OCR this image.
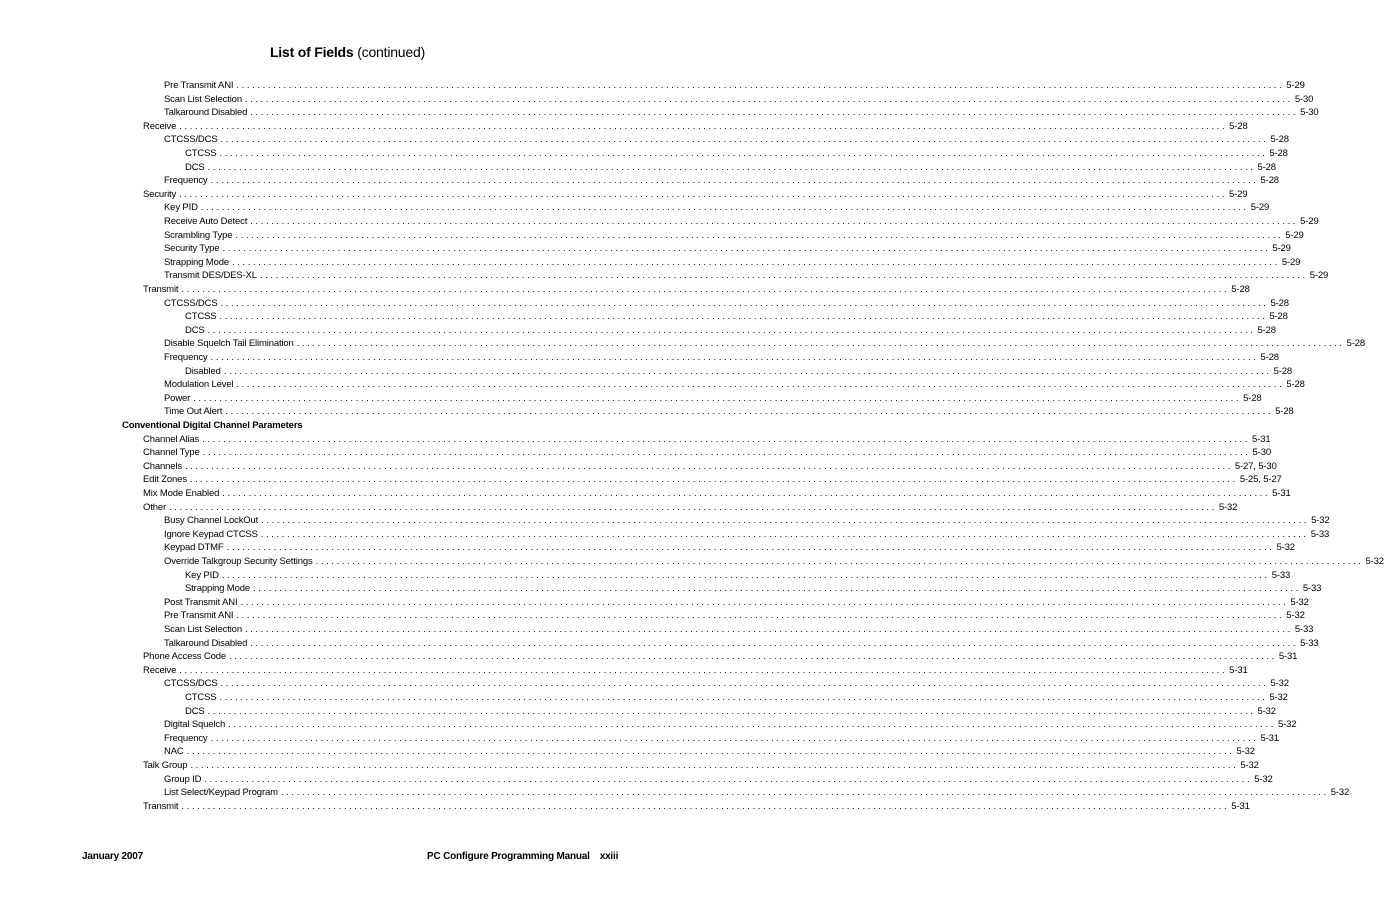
List of Fields (continued)
Pre Transmit ANI ........................................................................................................................................................................................................ 5-29
Scan List Selection ........................................................................................................................................................................................................ 5-30
Talkaround Disabled ........................................................................................................................................................................................................ 5-30
Receive ........................................................................................................................................................................................................ 5-28
CTCSS/DCS ........................................................................................................................................................................................................ 5-28
CTCSS ........................................................................................................................................................................................................ 5-28
DCS ........................................................................................................................................................................................................ 5-28
Frequency ........................................................................................................................................................................................................ 5-28
Security ........................................................................................................................................................................................................ 5-29
Key PID ........................................................................................................................................................................................................ 5-29
Receive Auto Detect ........................................................................................................................................................................................................ 5-29
Scrambling Type ........................................................................................................................................................................................................ 5-29
Security Type ........................................................................................................................................................................................................ 5-29
Strapping Mode ........................................................................................................................................................................................................ 5-29
Transmit DES/DES-XL ........................................................................................................................................................................................................ 5-29
Transmit ........................................................................................................................................................................................................ 5-28
CTCSS/DCS ........................................................................................................................................................................................................ 5-28
CTCSS ........................................................................................................................................................................................................ 5-28
DCS ........................................................................................................................................................................................................ 5-28
Disable Squelch Tail Elimination ........................................................................................................................................................................................................ 5-28
Frequency ........................................................................................................................................................................................................ 5-28
Disabled ........................................................................................................................................................................................................ 5-28
Modulation Level ........................................................................................................................................................................................................ 5-28
Power ........................................................................................................................................................................................................ 5-28
Time Out Alert ........................................................................................................................................................................................................ 5-28
Conventional Digital Channel Parameters
Channel Alias ........................................................................................................................................................................................................ 5-31
Channel Type ........................................................................................................................................................................................................ 5-30
Channels ........................................................................................................................................................................................................ 5-27, 5-30
Edit Zones ........................................................................................................................................................................................................ 5-25, 5-27
Mix Mode Enabled ........................................................................................................................................................................................................ 5-31
Other ........................................................................................................................................................................................................ 5-32
Busy Channel LockOut ........................................................................................................................................................................................................ 5-32
Ignore Keypad CTCSS ........................................................................................................................................................................................................ 5-33
Keypad DTMF ........................................................................................................................................................................................................ 5-32
Override Talkgroup Security Settings ........................................................................................................................................................................................................ 5-32
Key PID ........................................................................................................................................................................................................ 5-33
Strapping Mode ........................................................................................................................................................................................................ 5-33
Post Transmit ANI ........................................................................................................................................................................................................ 5-32
Pre Transmit ANI ........................................................................................................................................................................................................ 5-32
Scan List Selection ........................................................................................................................................................................................................ 5-33
Talkaround Disabled ........................................................................................................................................................................................................ 5-33
Phone Access Code ........................................................................................................................................................................................................ 5-31
Receive ........................................................................................................................................................................................................ 5-31
CTCSS/DCS ........................................................................................................................................................................................................ 5-32
CTCSS ........................................................................................................................................................................................................ 5-32
DCS ........................................................................................................................................................................................................ 5-32
Digital Squelch ........................................................................................................................................................................................................ 5-32
Frequency ........................................................................................................................................................................................................ 5-31
NAC ........................................................................................................................................................................................................ 5-32
Talk Group ........................................................................................................................................................................................................ 5-32
Group ID ........................................................................................................................................................................................................ 5-32
List Select/Keypad Program ........................................................................................................................................................................................................ 5-32
Transmit ........................................................................................................................................................................................................ 5-31
January 2007	PC Configure Programming Manual xxiii
